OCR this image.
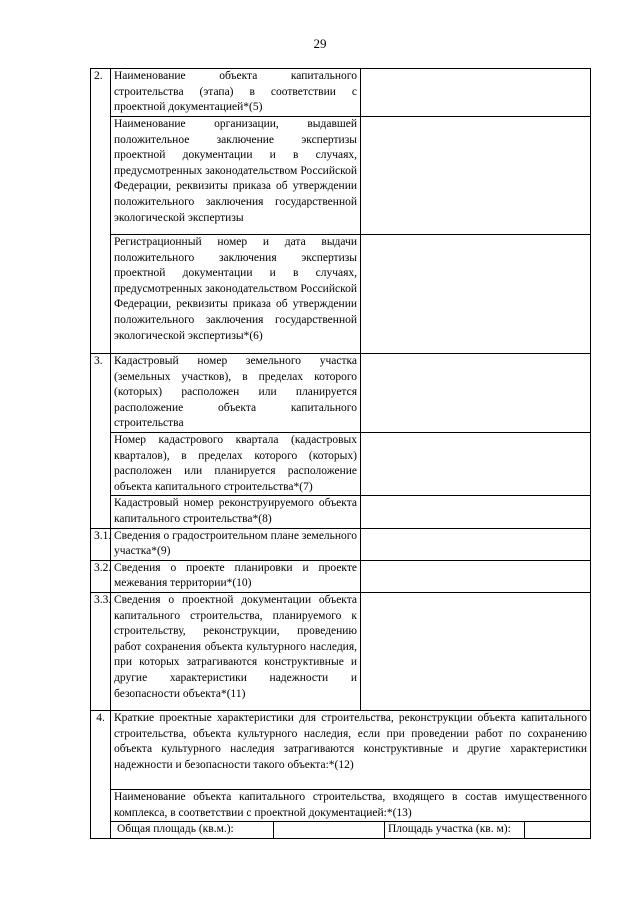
29
2.	Наименование объекта капитального строительства (этапа) в соответствии с проектной документацией*(5)	

	Наименование организации, выдавшей положительное заключение экспертизы проектной документации и в случаях, предусмотренных законодательством Российской Федерации, реквизиты приказа об утверждении положительного заключения государственной экологической экспертизы	

	Регистрационный номер и дата выдачи положительного заключения экспертизы проектной документации и в случаях, предусмотренных законодательством Российской Федерации, реквизиты приказа об утверждении положительного заключения государственной экологической экспертизы*(6)	

3.	Кадастровый номер земельного участка (земельных участков), в пределах которого (которых) расположен или планируется расположение объекта капитального строительства	

	Номер кадастрового квартала (кадастровых кварталов), в пределах которого (которых) расположен или планируется расположение объекта капитального строительства*(7)	

	Кадастровый номер реконструируемого объекта капитального строительства*(8)	

3.1.	Сведения о градостроительном плане земельного участка*(9)	

3.2.	Сведения о проекте планировки и проекте межевания территории*(10)	

3.3.	Сведения о проектной документации объекта капитального строительства, планируемого к строительству, реконструкции, проведению работ сохранения объекта культурного наследия, при которых затрагиваются конструктивные и другие характеристики надежности и безопасности объекта*(11)	

4.	Краткие проектные характеристики для строительства, реконструкции объекта капитального строительства, объекта культурного наследия, если при проведении работ по сохранению объекта культурного наследия затрагиваются конструктивные и другие характеристики надежности и безопасности такого объекта:*(12)	

	Наименование объекта капитального строительства, входящего в состав имущественного комплекса, в соответствии с проектной документацией:*(13)	

	Общая площадь (кв.м.): Площадь участка (кв. м):	
